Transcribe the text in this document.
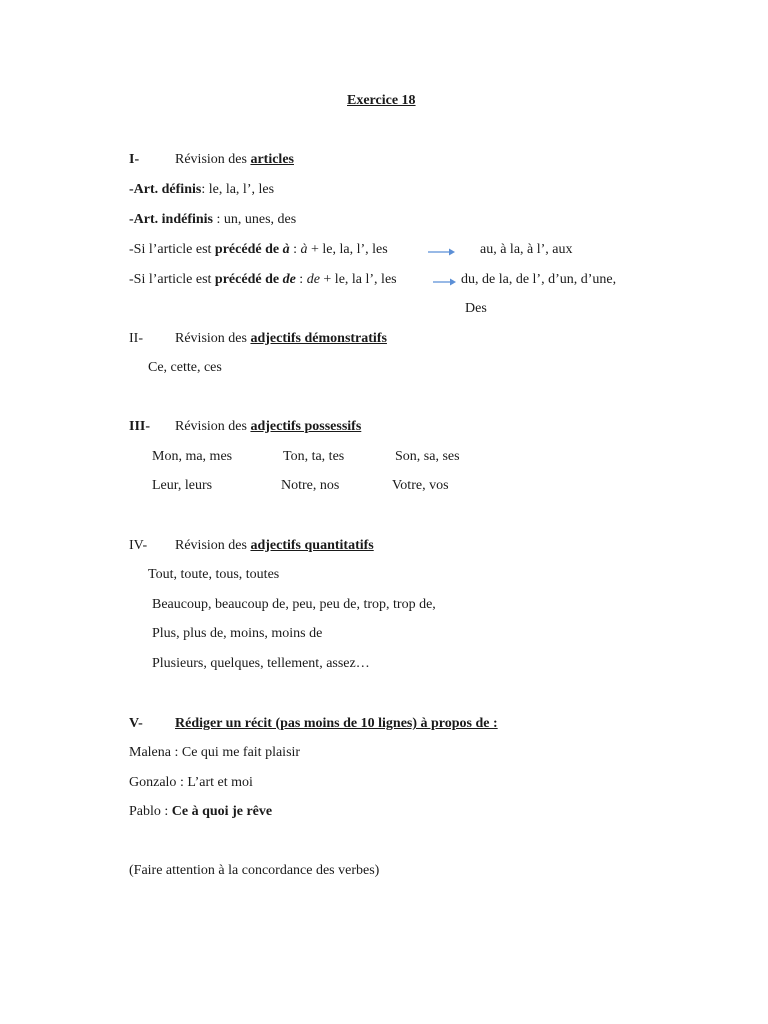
Exercice 18
I-	Révision des articles
-Art. définis: le, la, l’, les
-Art. indéfinis : un, unes, des
-Si l’article est précédé de à : à + le, la, l’, les	au, à la, à l’, aux
-Si l’article est précédé de de : de + le, la l’, les	du, de la, de l’, d’un, d’une,
Des
II- Révision des adjectifs démonstratifs
Ce, cette, ces
III- Révision des adjectifs possessifs
Mon, ma, mes	Ton, ta, tes	Son, sa, ses
Leur, leurs	Notre, nos	Votre, vos
IV- Révision des adjectifs quantitatifs
Tout, toute, tous, toutes
Beaucoup, beaucoup de, peu, peu de, trop, trop de,
Plus, plus de, moins, moins de
Plusieurs, quelques, tellement, assez…
V- Rédiger un récit (pas moins de 10 lignes) à propos de :
Malena : Ce qui me fait plaisir
Gonzalo : L’art et moi
Pablo : Ce à quoi je rêve
(Faire attention à la concordance des verbes)
